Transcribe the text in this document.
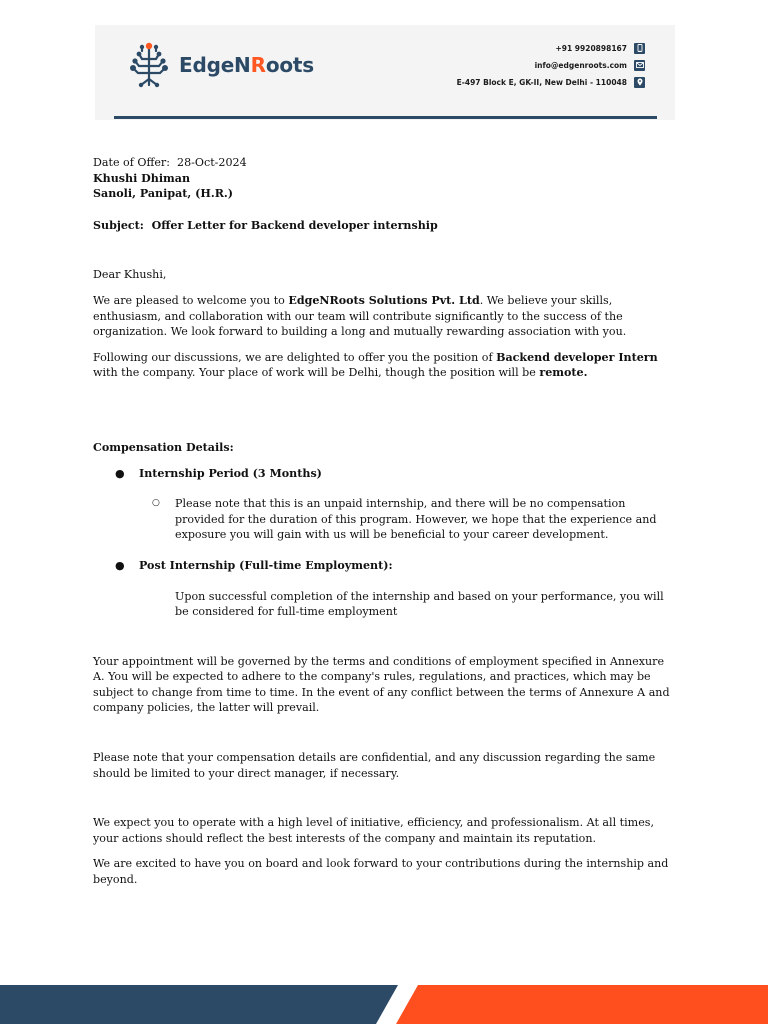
EdgeNRoots
+91 9920898167
info@edgenroots.com
E-497 Block E, GK-II, New Delhi - 110048

Date of Offer: 28-Oct-2024

Khushi Dhiman

Sanoli, Panipat, (H.R.)

Subject: Offer Letter for Backend developer internship

Dear Khushi,

We are pleased to welcome you to EdgeNRoots Solutions Pvt. Ltd. We believe your skills, enthusiasm, and collaboration with our team will contribute significantly to the success of the organization. We look forward to building a long and mutually rewarding association with you.

Following our discussions, we are delighted to offer you the position of Backend developer Intern with the company. Your place of work will be Delhi, though the position will be remote.

Compensation Details:

● Internship Period (3 Months)
○ Please note that this is an unpaid internship, and there will be no compensation provided for the duration of this program. However, we hope that the experience and exposure you will gain with us will be beneficial to your career development.
● Post Internship (Full-time Employment):

Upon successful completion of the internship and based on your performance, you will be considered for full-time employment

Your appointment will be governed by the terms and conditions of employment specified in Annexure A. You will be expected to adhere to the company's rules, regulations, and practices, which may be subject to change from time to time. In the event of any conflict between the terms of Annexure A and company policies, the latter will prevail.

Please note that your compensation details are confidential, and any discussion regarding the same should be limited to your direct manager, if necessary.

We expect you to operate with a high level of initiative, efficiency, and professionalism. At all times, your actions should reflect the best interests of the company and maintain its reputation.

We are excited to have you on board and look forward to your contributions during the internship and beyond.
